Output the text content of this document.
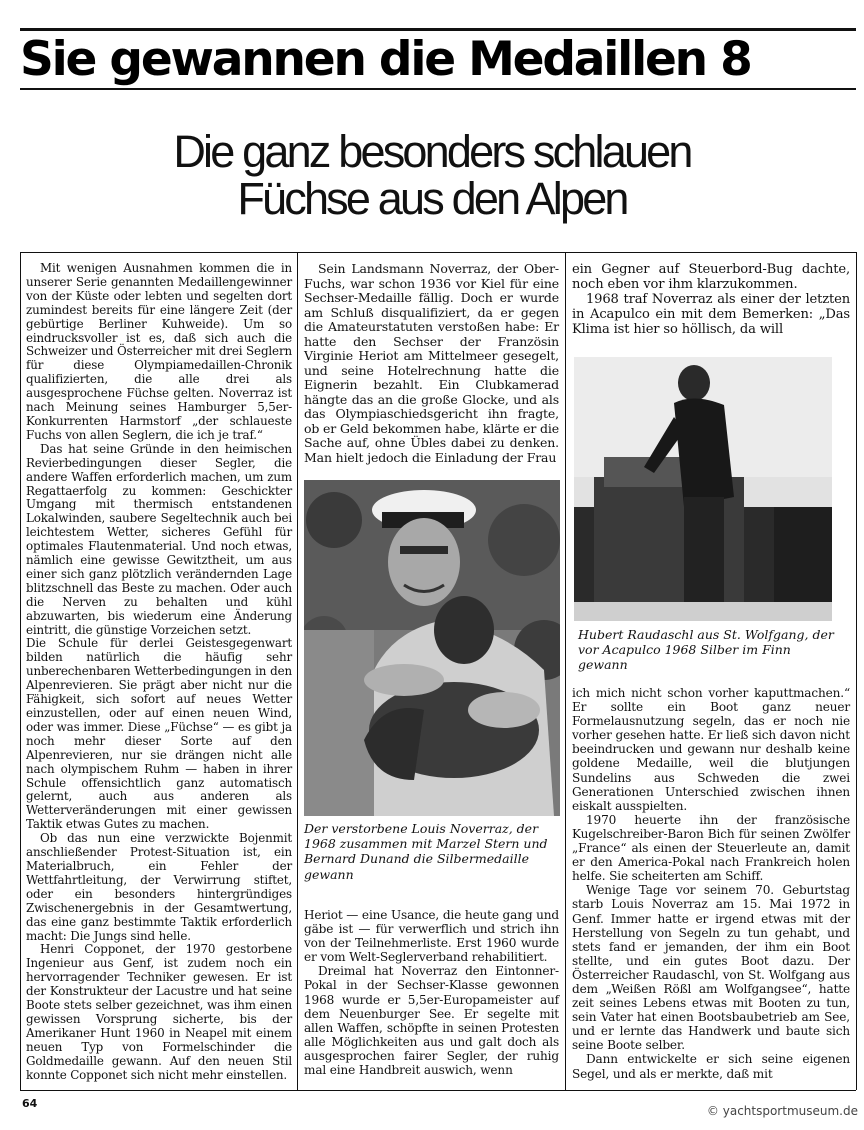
Sie gewannen die Medaillen 8
Die ganz besonders schlauen
Füchse aus den Alpen

Mit wenigen Ausnahmen kommen die in unserer Serie genannten Medaillengewinner von der Küste oder lebten und segelten dort zumindest bereits für eine längere Zeit (der gebürtige Berliner Kuhweide). Um so eindrucksvoller ist es, daß sich auch die Schweizer und Österreicher mit drei Seglern für diese Olympiamedaillen-Chronik qualifizierten, die alle drei als ausgesprochene Füchse gelten. Noverraz ist nach Meinung seines Hamburger 5,5er-Konkurrenten Harmstorf „der schlaueste Fuchs von allen Seglern, die ich je traf.“

Das hat seine Gründe in den heimischen Revierbedingungen dieser Segler, die andere Waffen erforderlich machen, um zum Regattaerfolg zu kommen: Geschickter Umgang mit thermisch entstandenen Lokalwinden, saubere Segeltechnik auch bei leichtestem Wetter, sicheres Gefühl für optimales Flautenmaterial. Und noch etwas, nämlich eine gewisse Gewitztheit, um aus einer sich ganz plötzlich verändernden Lage blitzschnell das Beste zu machen. Oder auch die Nerven zu behalten und kühl abzuwarten, bis wiederum eine Änderung eintritt, die günstige Vorzeichen setzt.

Die Schule für derlei Geistesgegenwart bilden natürlich die häufig sehr unberechenbaren Wetterbedingungen in den Alpenrevieren. Sie prägt aber nicht nur die Fähigkeit, sich sofort auf neues Wetter einzustellen, oder auf einen neuen Wind, oder was immer. Diese „Füchse“ — es gibt ja noch mehr dieser Sorte auf den Alpenrevieren, nur sie drängen nicht alle nach olympischem Ruhm — haben in ihrer Schule offensichtlich ganz automatisch gelernt, auch aus anderen als Wetterveränderungen mit einer gewissen Taktik etwas Gutes zu machen.

Ob das nun eine verzwickte Bojenmit anschließender Protest-Situation ist, ein Materialbruch, ein Fehler der Wettfahrtleitung, der Verwirrung stiftet, oder ein besonders hintergründiges Zwischenergebnis in der Gesamtwertung, das eine ganz bestimmte Taktik erforderlich macht: Die Jungs sind helle.

Henri Copponet, der 1970 gestorbene Ingenieur aus Genf, ist zudem noch ein hervorragender Techniker gewesen. Er ist der Konstrukteur der Lacustre und hat seine Boote stets selber gezeichnet, was ihm einen gewissen Vorsprung sicherte, bis der Amerikaner Hunt 1960 in Neapel mit einem neuen Typ von Formelschinder die Goldmedaille gewann. Auf den neuen Stil konnte Copponet sich nicht mehr einstellen.

Sein Landsmann Noverraz, der Ober-Fuchs, war schon 1936 vor Kiel für eine Sechser-Medaille fällig. Doch er wurde am Schluß disqualifiziert, da er gegen die Amateurstatuten verstoßen habe: Er hatte den Sechser der Französin Virginie Heriot am Mittelmeer gesegelt, und seine Hotelrechnung hatte die Eignerin bezahlt. Ein Clubkamerad hängte das an die große Glocke, und als das Olympiaschiedsgericht ihn fragte, ob er Geld bekommen habe, klärte er die Sache auf, ohne Übles dabei zu denken. Man hielt jedoch die Einladung der Frau

Der verstorbene Louis Noverraz, der 1968 zusammen mit Marzel Stern und Bernard Dunand die Silbermedaille gewann

Heriot — eine Usance, die heute gang und gäbe ist — für verwerflich und strich ihn von der Teilnehmerliste. Erst 1960 wurde er vom Welt-Seglerverband rehabilitiert.

Dreimal hat Noverraz den Eintonner-Pokal in der Sechser-Klasse gewonnen 1968 wurde er 5,5er-Europameister auf dem Neuenburger See. Er segelte mit allen Waffen, schöpfte in seinen Protesten alle Möglichkeiten aus und galt doch als ausgesprochen fairer Segler, der ruhig mal eine Handbreit auswich, wenn

ein Gegner auf Steuerbord-Bug dachte, noch eben vor ihm klarzukommen.

1968 traf Noverraz als einer der letzten in Acapulco ein mit dem Bemerken: „Das Klima ist hier so höllisch, da will

Hubert Raudaschl aus St. Wolfgang, der vor Acapulco 1968 Silber im Finn gewann

ich mich nicht schon vorher kaputtmachen.“ Er sollte ein Boot ganz neuer Formelausnutzung segeln, das er noch nie vorher gesehen hatte. Er ließ sich davon nicht beeindrucken und gewann nur deshalb keine goldene Medaille, weil die blutjungen Sundelins aus Schweden die zwei Generationen Unterschied zwischen ihnen eiskalt ausspielten.

1970 heuerte ihn der französische Kugelschreiber-Baron Bich für seinen Zwölfer „France“ als einen der Steuerleute an, damit er den America-Pokal nach Frankreich holen helfe. Sie scheiterten am Schiff.

Wenige Tage vor seinem 70. Geburtstag starb Louis Noverraz am 15. Mai 1972 in Genf. Immer hatte er irgend etwas mit der Herstellung von Segeln zu tun gehabt, und stets fand er jemanden, der ihm ein Boot stellte, und ein gutes Boot dazu. Der Österreicher Raudaschl, von St. Wolfgang aus dem „Weißen Rößl am Wolfgangsee“, hatte zeit seines Lebens etwas mit Booten zu tun, sein Vater hat einen Bootsbaubetrieb am See, und er lernte das Handwerk und baute sich seine Boote selber.

Dann entwickelte er sich seine eigenen Segel, und als er merkte, daß mit

64
© yachtsportmuseum.de
